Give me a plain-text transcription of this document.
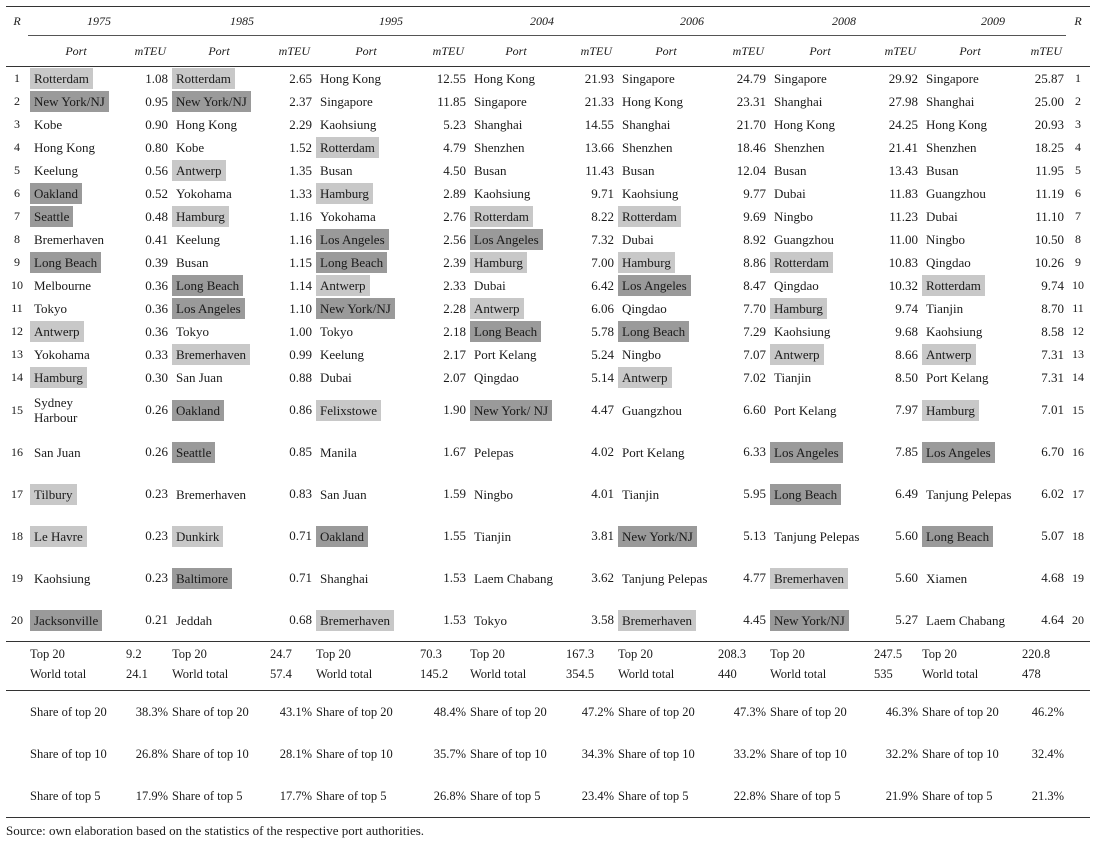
R	1975		1985		1995		2004		2006		2008		2009		R
	Port	mTEU	Port	mTEU	Port	mTEU	Port	mTEU	Port	mTEU	Port	mTEU	Port	mTEU	
1	Rotterdam	1.08	Rotterdam	2.65	Hong Kong	12.55	Hong Kong	21.93	Singapore	24.79	Singapore	29.92	Singapore	25.87	1
2	New York/NJ	0.95	New York/NJ	2.37	Singapore	11.85	Singapore	21.33	Hong Kong	23.31	Shanghai	27.98	Shanghai	25.00	2
3	Kobe	0.90	Hong Kong	2.29	Kaohsiung	5.23	Shanghai	14.55	Shanghai	21.70	Hong Kong	24.25	Hong Kong	20.93	3
4	Hong Kong	0.80	Kobe	1.52	Rotterdam	4.79	Shenzhen	13.66	Shenzhen	18.46	Shenzhen	21.41	Shenzhen	18.25	4
5	Keelung	0.56	Antwerp	1.35	Busan	4.50	Busan	11.43	Busan	12.04	Busan	13.43	Busan	11.95	5
6	Oakland	0.52	Yokohama	1.33	Hamburg	2.89	Kaohsiung	9.71	Kaohsiung	9.77	Dubai	11.83	Guangzhou	11.19	6
7	Seattle	0.48	Hamburg	1.16	Yokohama	2.76	Rotterdam	8.22	Rotterdam	9.69	Ningbo	11.23	Dubai	11.10	7
8	Bremerhaven	0.41	Keelung	1.16	Los Angeles	2.56	Los Angeles	7.32	Dubai	8.92	Guangzhou	11.00	Ningbo	10.50	8
9	Long Beach	0.39	Busan	1.15	Long Beach	2.39	Hamburg	7.00	Hamburg	8.86	Rotterdam	10.83	Qingdao	10.26	9
10	Melbourne	0.36	Long Beach	1.14	Antwerp	2.33	Dubai	6.42	Los Angeles	8.47	Qingdao	10.32	Rotterdam	9.74	10
11	Tokyo	0.36	Los Angeles	1.10	New York/NJ	2.28	Antwerp	6.06	Qingdao	7.70	Hamburg	9.74	Tianjin	8.70	11
12	Antwerp	0.36	Tokyo	1.00	Tokyo	2.18	Long Beach	5.78	Long Beach	7.29	Kaohsiung	9.68	Kaohsiung	8.58	12
13	Yokohama	0.33	Bremerhaven	0.99	Keelung	2.17	Port Kelang	5.24	Ningbo	7.07	Antwerp	8.66	Antwerp	7.31	13
14	Hamburg	0.30	San Juan	0.88	Dubai	2.07	Qingdao	5.14	Antwerp	7.02	Tianjin	8.50	Port Kelang	7.31	14
15	Sydney Harbour	0.26	Oakland	0.86	Felixstowe	1.90	New York/ NJ	4.47	Guangzhou	6.60	Port Kelang	7.97	Hamburg	7.01	15
16	San Juan	0.26	Seattle	0.85	Manila	1.67	Pelepas	4.02	Port Kelang	6.33	Los Angeles	7.85	Los Angeles	6.70	16
17	Tilbury	0.23	Bremerhaven	0.83	San Juan	1.59	Ningbo	4.01	Tianjin	5.95	Long Beach	6.49	Tanjung Pelepas	6.02	17
18	Le Havre	0.23	Dunkirk	0.71	Oakland	1.55	Tianjin	3.81	New York/NJ	5.13	Tanjung Pelepas	5.60	Long Beach	5.07	18
19	Kaohsiung	0.23	Baltimore	0.71	Shanghai	1.53	Laem Chabang	3.62	Tanjung Pelepas	4.77	Bremerhaven	5.60	Xiamen	4.68	19
20	Jacksonville	0.21	Jeddah	0.68	Bremerhaven	1.53	Tokyo	3.58	Bremerhaven	4.45	New York/NJ	5.27	Laem Chabang	4.64	20
	Top 20	9.2	Top 20	24.7	Top 20	70.3	Top 20	167.3	Top 20	208.3	Top 20	247.5	Top 20	220.8	
	World total	24.1	World total	57.4	World total	145.2	World total	354.5	World total	440	World total	535	World total	478	
	Share of top 20	38.3%	Share of top 20	43.1%	Share of top 20	48.4%	Share of top 20	47.2%	Share of top 20	47.3%	Share of top 20	46.3%	Share of top 20	46.2%	
	Share of top 10	26.8%	Share of top 10	28.1%	Share of top 10	35.7%	Share of top 10	34.3%	Share of top 10	33.2%	Share of top 10	32.2%	Share of top 10	32.4%	
	Share of top 5	17.9%	Share of top 5	17.7%	Share of top 5	26.8%	Share of top 5	23.4%	Share of top 5	22.8%	Share of top 5	21.9%	Share of top 5	21.3%	
Source: own elaboration based on the statistics of the respective port authorities.
